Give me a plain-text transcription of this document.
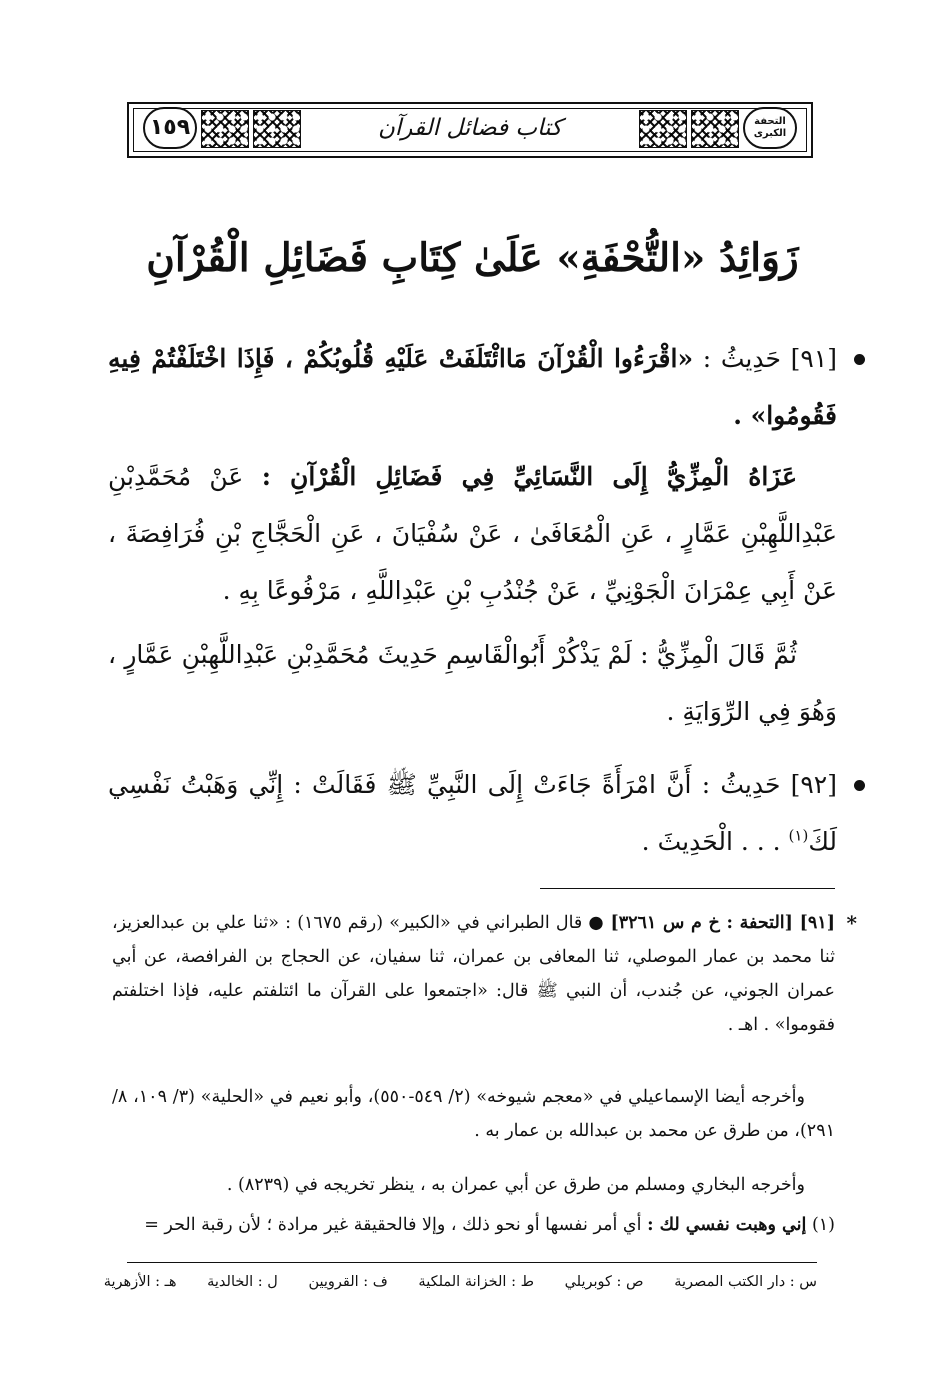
١٥٩	كتاب فضائل القرآن	التحفة الكبرى
زَوَائِدُ «التُّحْفَةِ» عَلَىٰ كِتَابِ فَضَائِلِ الْقُرْآنِ
[٩١] حَدِيثُ : «اقْرَءُوا الْقُرْآنَ مَاائْتَلَفَتْ عَلَيْهِ قُلُوبُكُمْ ، فَإِذَا اخْتَلَفْتُمْ فِيهِ فَقُومُوا» .
عَزَاهُ الْمِزِّيُّ إِلَى النَّسَائِيِّ فِي فَضَائِلِ الْقُرْآنِ : عَنْ مُحَمَّدِبْنِ عَبْدِاللَّهِبْنِ عَمَّارٍ ، عَنِ الْمُعَافَىٰ ، عَنْ سُفْيَانَ ، عَنِ الْحَجَّاجِ بْنِ فُرَافِصَةَ ، عَنْ أَبِي عِمْرَانَ الْجَوْنِيِّ ، عَنْ جُنْدُبِ بْنِ عَبْدِاللَّهِ ، مَرْفُوعًا بِهِ .
ثُمَّ قَالَ الْمِزِّيُّ : لَمْ يَذْكُرْ أَبُوالْقَاسِمِ حَدِيثَ مُحَمَّدِبْنِ عَبْدِاللَّهِبْنِ عَمَّارٍ ، وَهُوَ فِي الرِّوَايَةِ .
[٩٢] حَدِيثُ : أَنَّ امْرَأَةً جَاءَتْ إِلَى النَّبِيِّ ﷺ فَقَالَتْ : إِنِّي وَهَبْتُ نَفْسِي لَكَ$^{(١)}$ . . . الْحَدِيثَ .
*
[٩١] [التحفة : خ م س ٣٢٦١] ● قال الطبراني في «الكبير» (رقم ١٦٧٥) : «ثنا علي بن عبدالعزيز، ثنا محمد بن عمار الموصلي، ثنا المعافى بن عمران، ثنا سفيان، عن الحجاج بن الفرافصة، عن أبي عمران الجوني، عن جُندب، أن النبي ﷺ قال: «اجتمعوا على القرآن ما ائتلفتم عليه، فإذا اختلفتم فقوموا» . اهـ .
وأخرجه أيضا الإسماعيلي في «معجم شيوخه» (٢/ ٥٤٩-٥٥٠)، وأبو نعيم في «الحلية» (٣/ ١٠٩، ٨/ ٢٩١)، من طرق عن محمد بن عبدالله بن عمار به .
وأخرجه البخاري ومسلم من طرق عن أبي عمران به ، ينظر تخريجه في (٨٢٣٩) .
(١) إني وهبت نفسي لك : أي أمر نفسها أو نحو ذلك ، وإلا فالحقيقة غير مرادة ؛ لأن رقبة الحر =
س : دار الكتب المصرية ص : كوبريلي ط : الخزانة الملكية ف : القرويين ل : الخالدية هـ : الأزهرية
